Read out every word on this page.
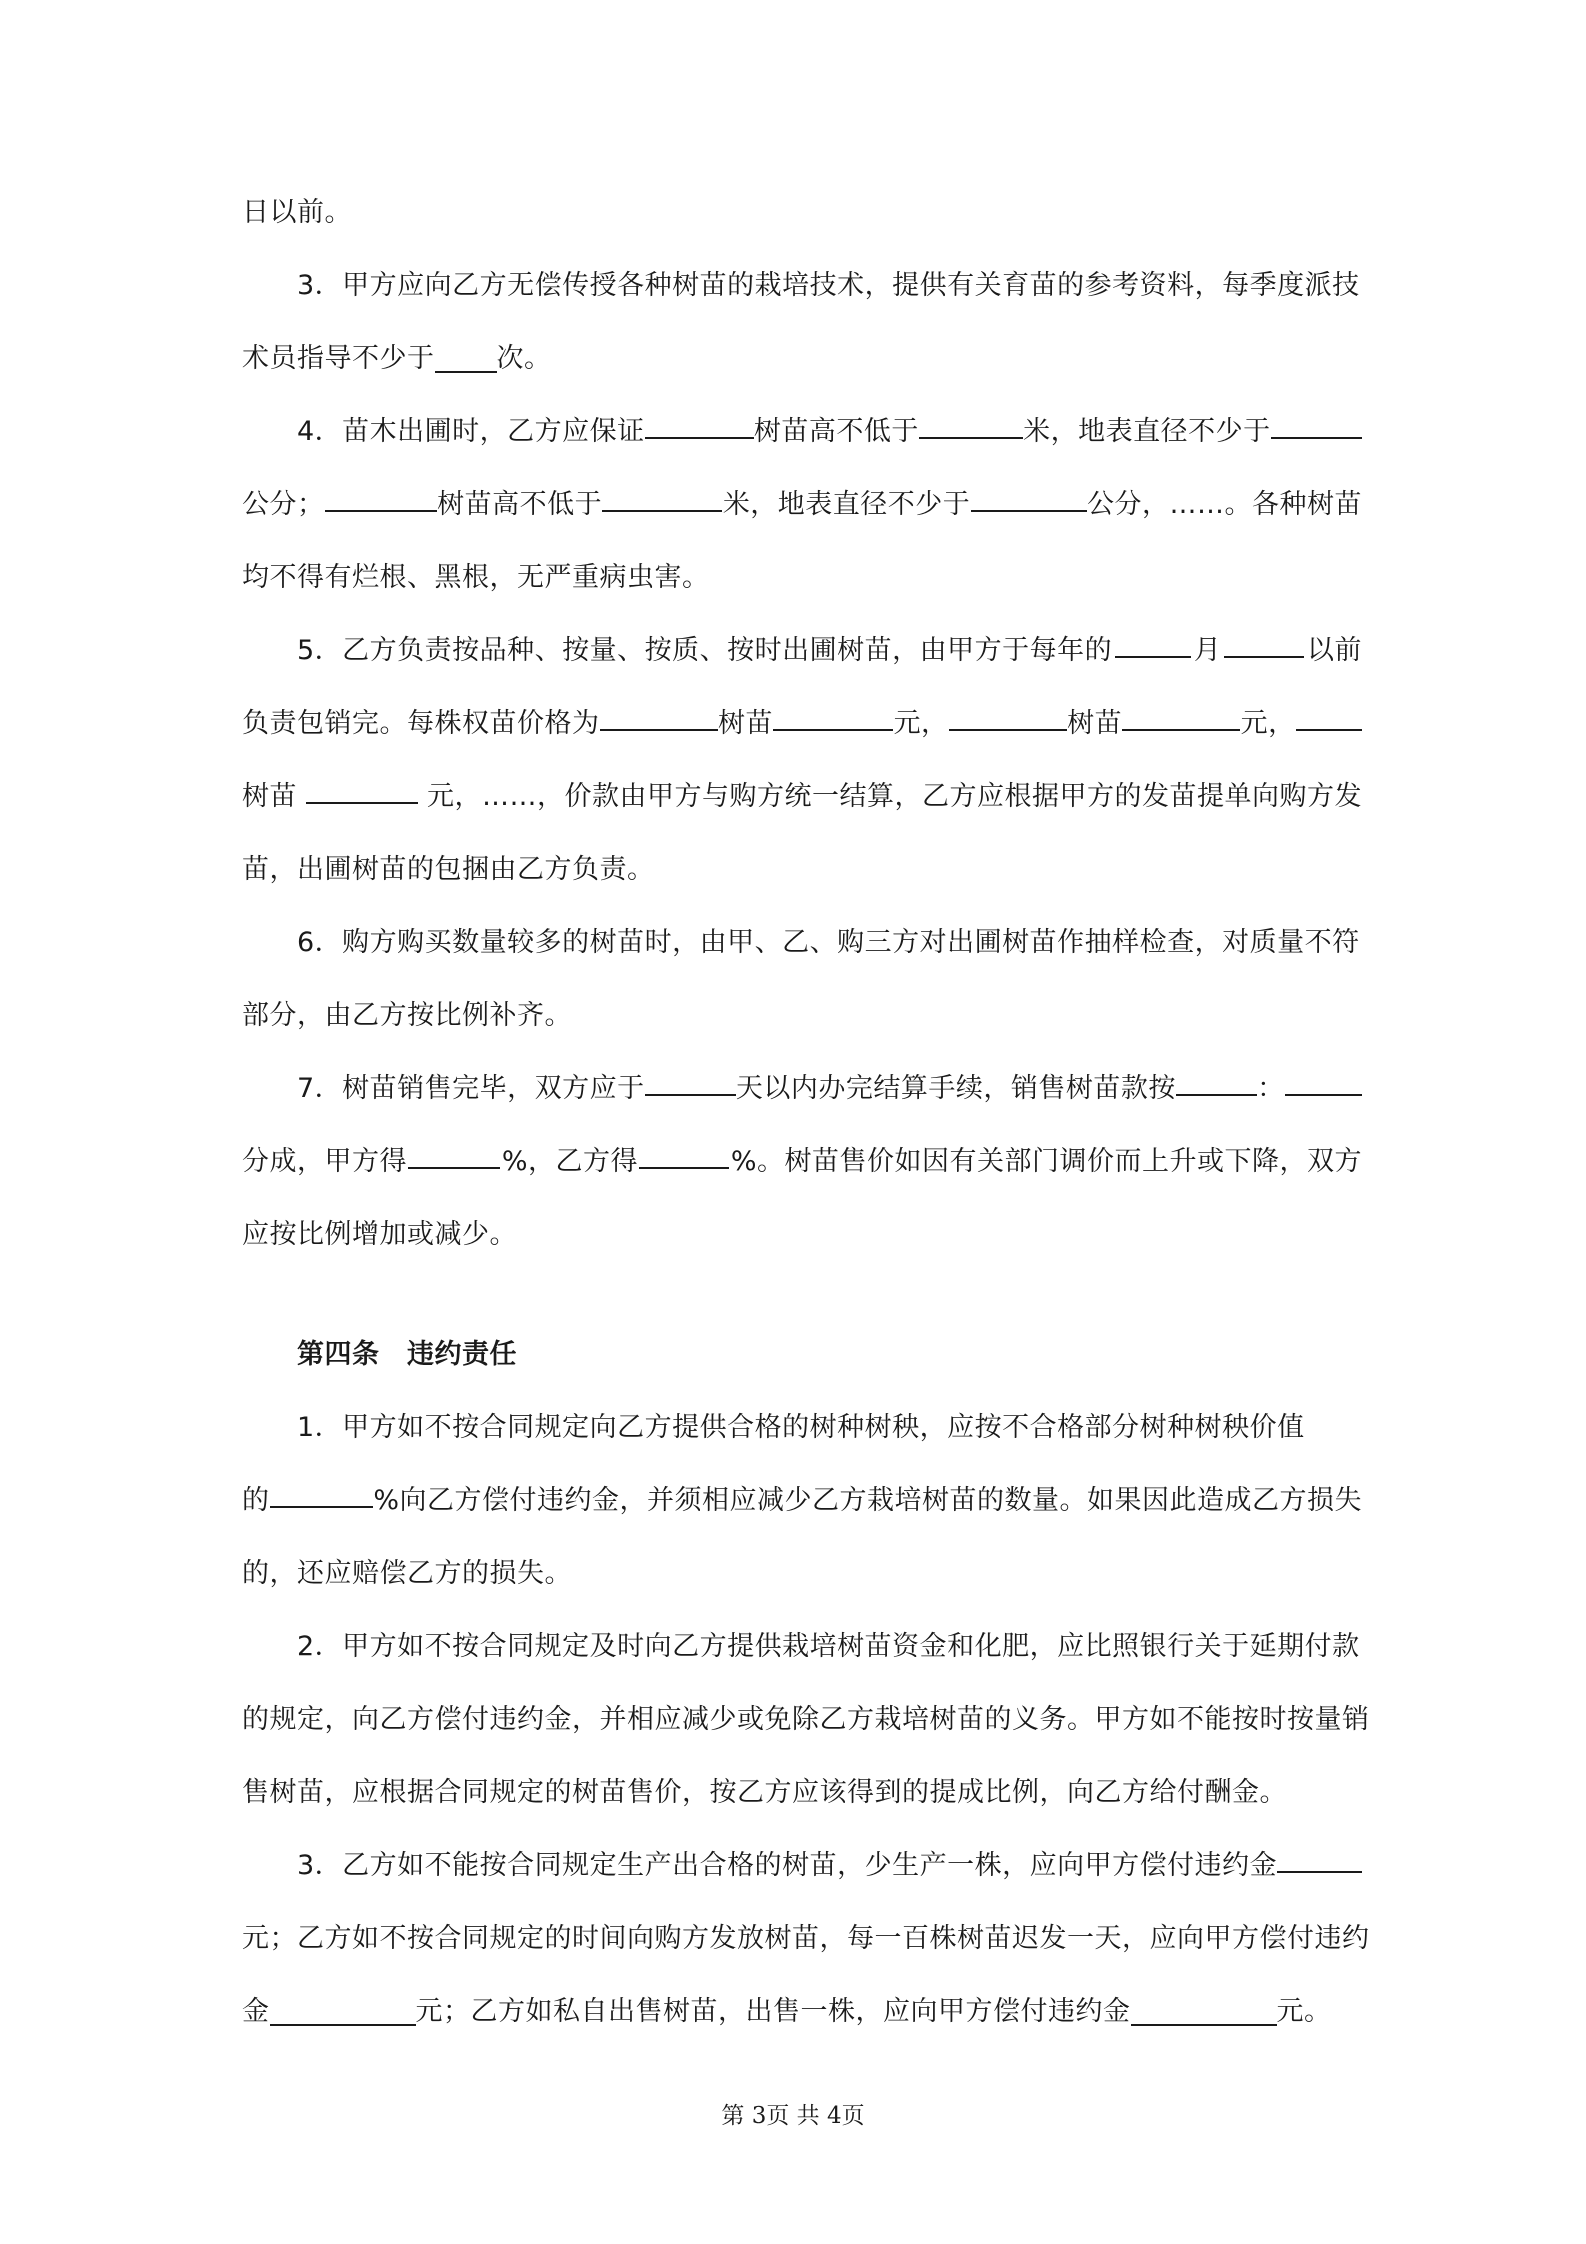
日以前。
3．甲方应向乙方无偿传授各种树苗的栽培技术，提供有关育苗的参考资料，每季度派技
术员指导不少于 次。
4．苗木出圃时，乙方应保证	树苗高不低于	米，地表直径不少于
公分；	树苗高不低于	米，地表直径不少于	公分，……。各种树苗
均不得有烂根、黑根，无严重病虫害。
5．乙方负责按品种、按量、按质、按时出圃树苗，由甲方于每年的	月	以前
负责包销完。每株权苗价格为	树苗	元，	树苗	元，
树苗	元，……，价款由甲方与购方统一结算，乙方应根据甲方的发苗提单向购方发
苗，出圃树苗的包捆由乙方负责。
6．购方购买数量较多的树苗时，由甲、乙、购三方对出圃树苗作抽样检查，对质量不符
部分，由乙方按比例补齐。
7．树苗销售完毕，双方应于	天以内办完结算手续，销售树苗款按	：
分成，甲方得	%，乙方得	%。树苗售价如因有关部门调价而上升或下降，双方
应按比例增加或减少。
第四条　违约责任
1．甲方如不按合同规定向乙方提供合格的树种树秧，应按不合格部分树种树秧价值
的	%向乙方偿付违约金，并须相应减少乙方栽培树苗的数量。如果因此造成乙方损失
的，还应赔偿乙方的损失。
2．甲方如不按合同规定及时向乙方提供栽培树苗资金和化肥，应比照银行关于延期付款
的规定，向乙方偿付违约金，并相应减少或免除乙方栽培树苗的义务。甲方如不能按时按量销
售树苗，应根据合同规定的树苗售价，按乙方应该得到的提成比例，向乙方给付酬金。
3．乙方如不能按合同规定生产出合格的树苗，少生产一株，应向甲方偿付违约金
元；乙方如不按合同规定的时间向购方发放树苗，每一百株树苗迟发一天，应向甲方偿付违约
金	元；乙方如私自出售树苗，出售一株，应向甲方偿付违约金	元。
第 3页 共 4页
